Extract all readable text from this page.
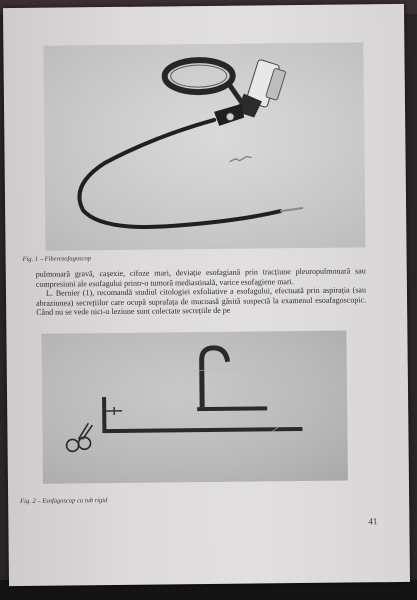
Fig. 1 – Fiberesofagoscop

pulmonară gravă, cașexie, cifoze mari, deviație esofagiană prin tracțiune pleuropulmonară sau compresiuni ale esofagului printr-o tumoră mediastinală, varice esofagiene mari.

L. Bernier (1), recomandă studiul citologiei exfoliative a esofagului, efectuată prin aspirația (sau abraziunea) secrețiilor care ocupă suprafața de mucoasă găsită suspectă la examenul esoafagoscopic. Când nu se vede nici-o leziune sunt colectate secrețiile de pe

Fig. 2 – Esofagoscop cu tub rigid
41
